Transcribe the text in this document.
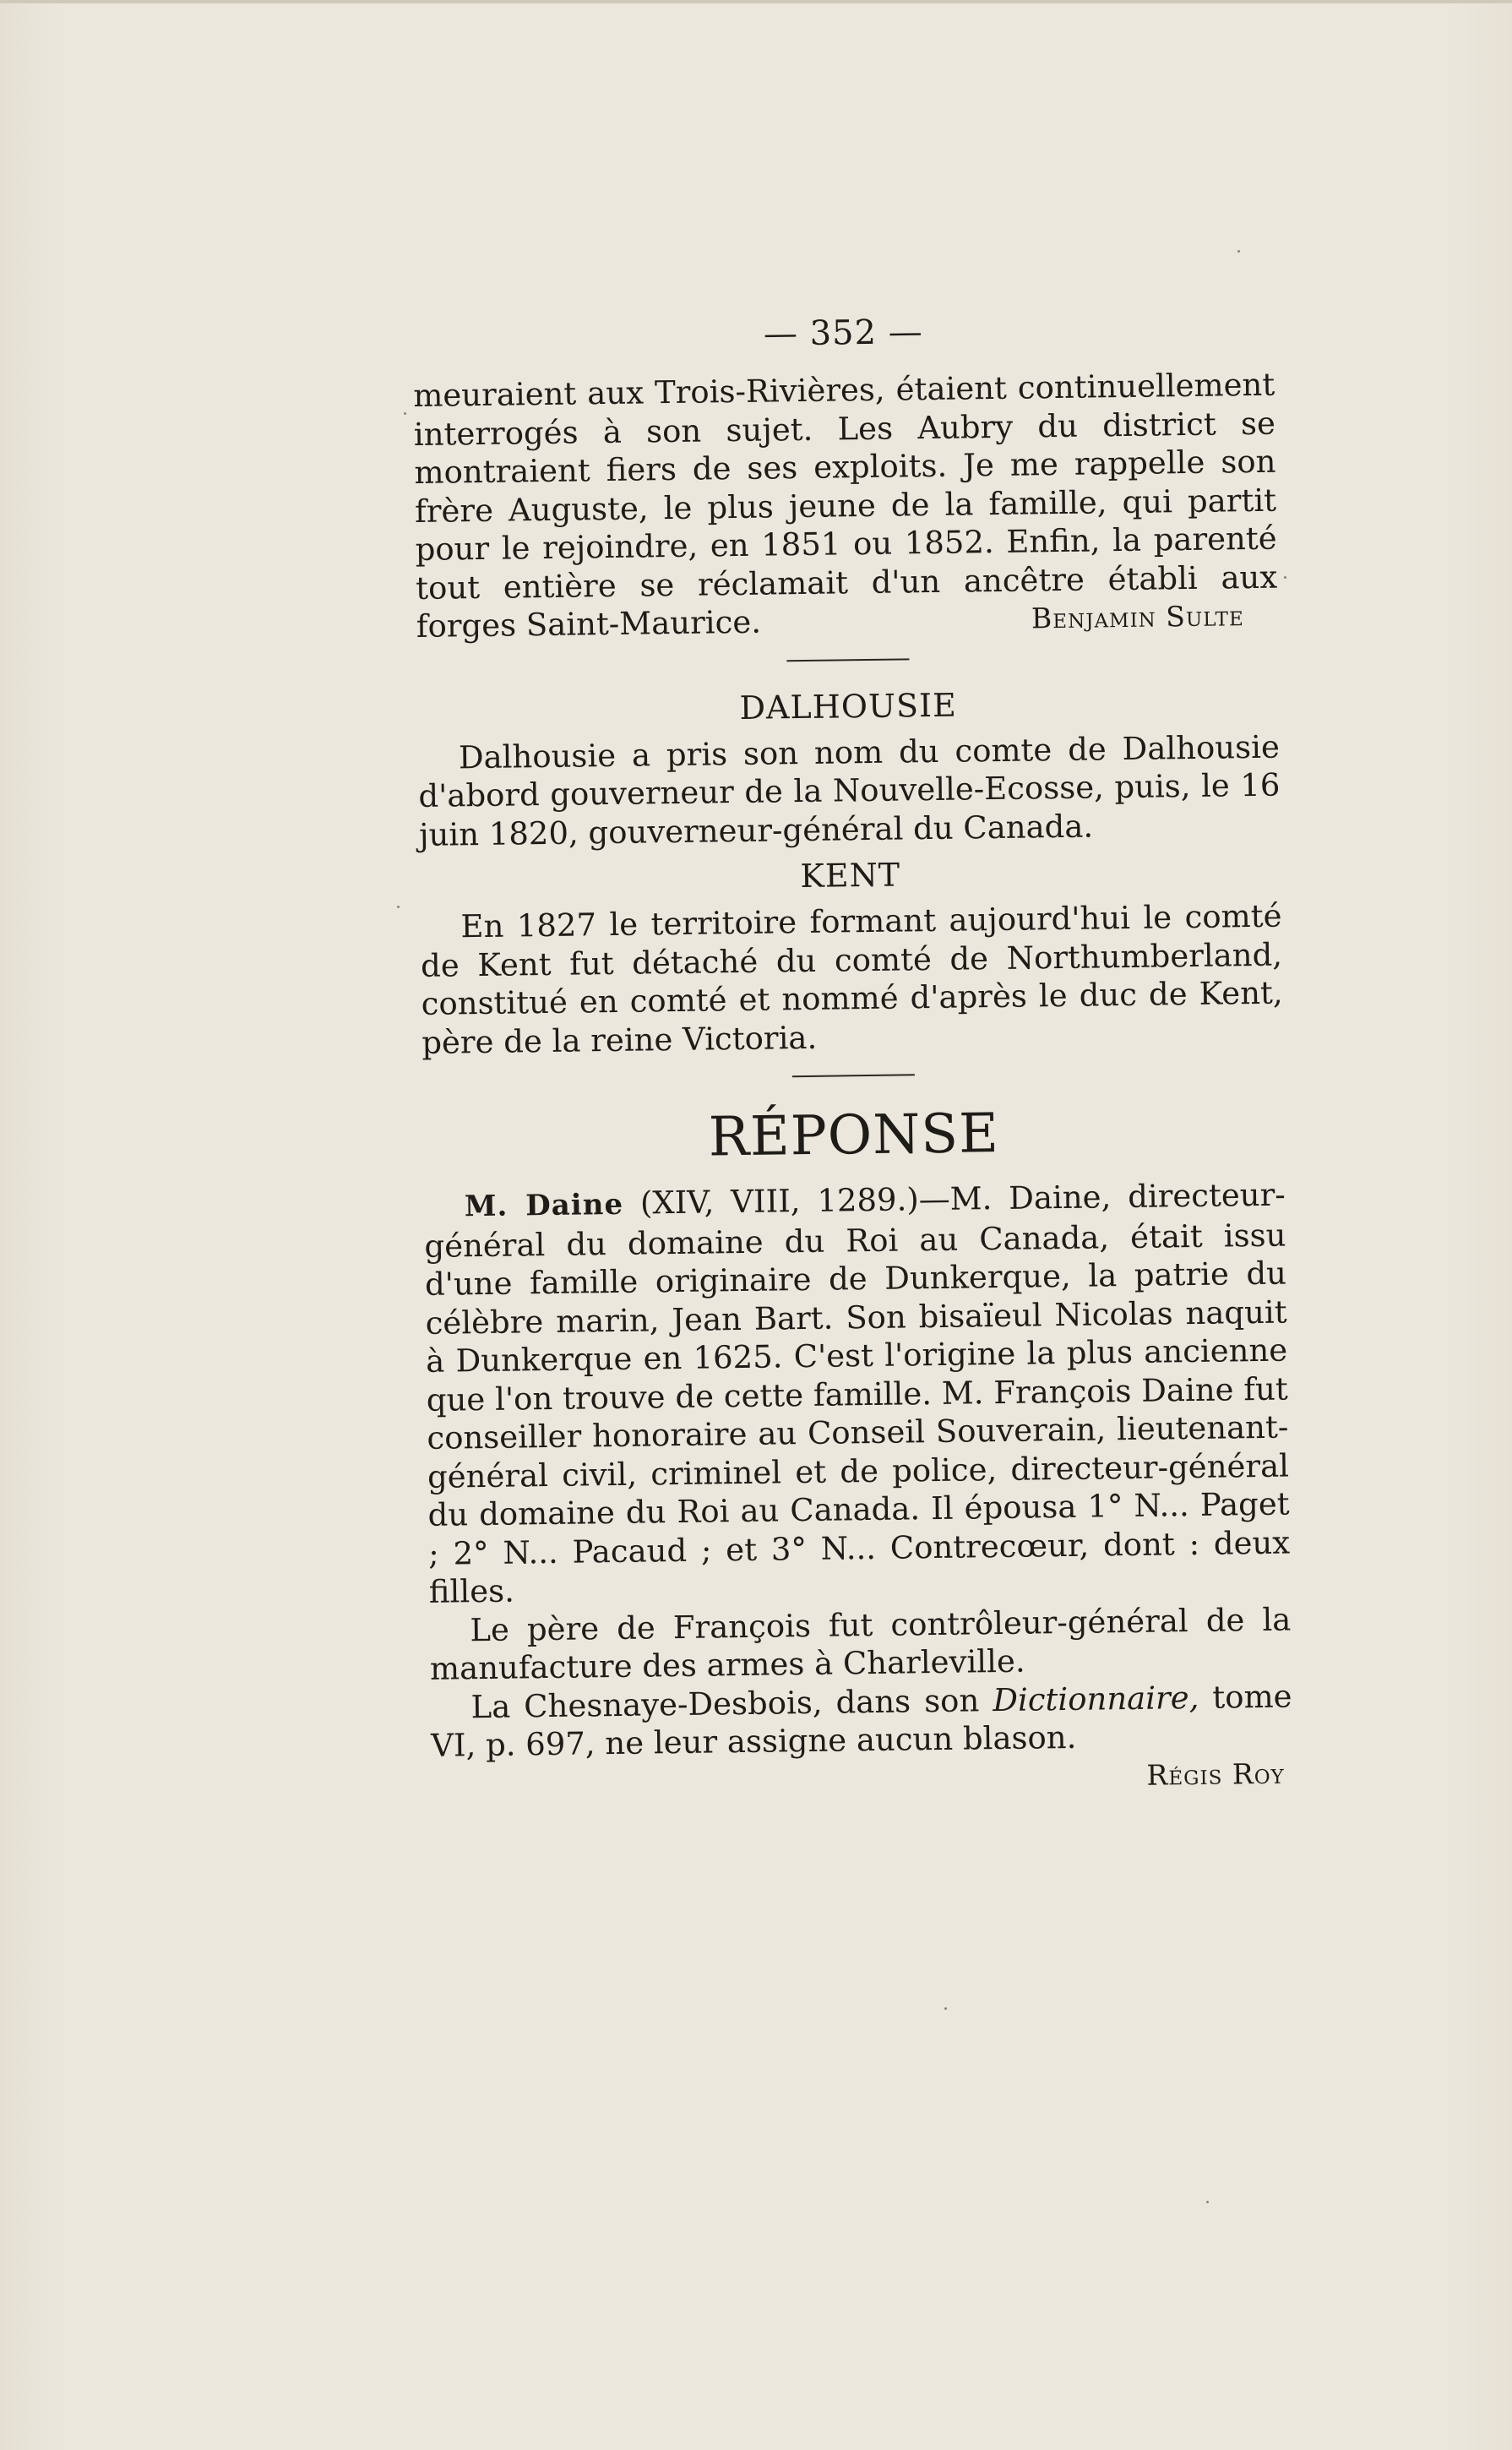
— 352 —

meuraient aux Trois-Rivières, étaient continuellement interrogés à son sujet. Les Aubry du district se montraient fiers de ses exploits. Je me rappelle son frère Auguste, le plus jeune de la famille, qui partit pour le rejoindre, en 1851 ou 1852. Enfin, la parenté tout entière se réclamait d'un ancêtre établi aux forges Saint-Maurice.	Benjamin Sulte
DALHOUSIE

Dalhousie a pris son nom du comte de Dalhousie d'abord gouverneur de la Nouvelle-Ecosse, puis, le 16 juin 1820, gouverneur-général du Canada.

KENT

En 1827 le territoire formant aujourd'hui le comté de Kent fut détaché du comté de Northumberland, constitué en comté et nommé d'après le duc de Kent, père de la reine Victoria.

RÉPONSE

M. Daine (XIV, VIII, 1289.)—M. Daine, directeur-général du domaine du Roi au Canada, était issu d'une famille originaire de Dunkerque, la patrie du célèbre marin, Jean Bart. Son bisaïeul Nicolas naquit à Dunkerque en 1625. C'est l'origine la plus ancienne que l'on trouve de cette famille. M. François Daine fut conseiller honoraire au Conseil Souverain, lieutenant-général civil, criminel et de police, directeur-général du domaine du Roi au Canada. Il épousa 1° N... Paget ; 2° N... Pacaud ; et 3° N... Contrecœur, dont : deux filles.

Le père de François fut contrôleur-général de la manufacture des armes à Charleville.

La Chesnaye-Desbois, dans son Dictionnaire, tome VI, p. 697, ne leur assigne aucun blason.

Régis Roy
